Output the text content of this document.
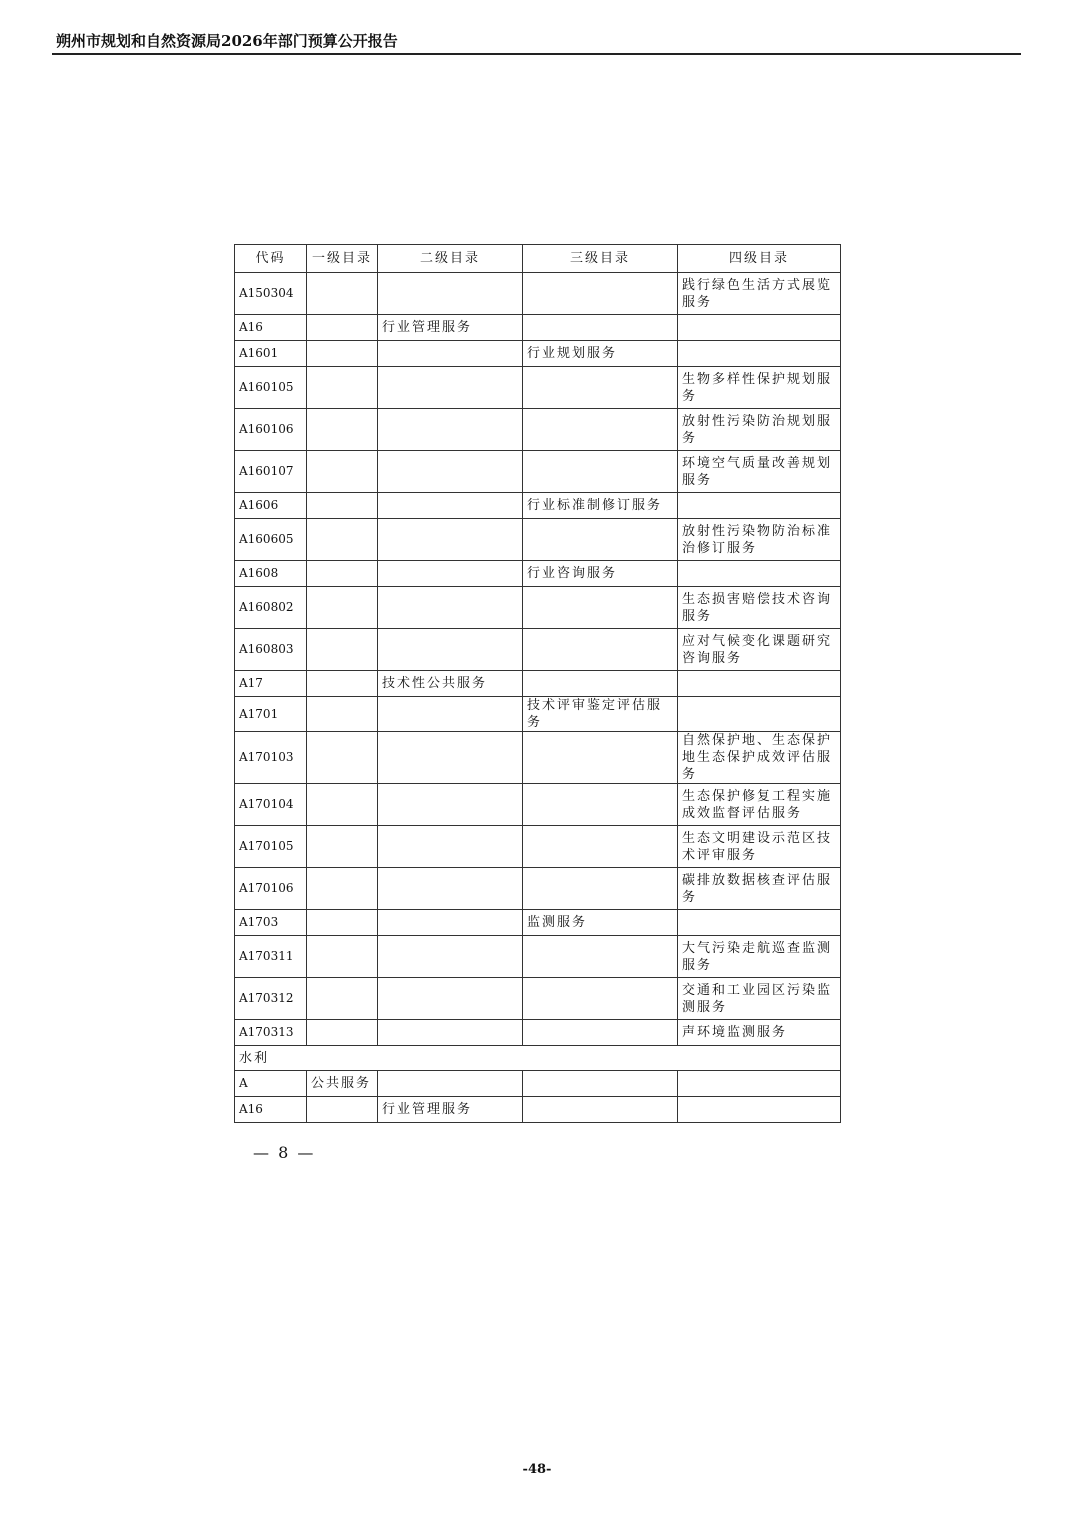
朔州市规划和自然资源局2026年部门预算公开报告
代码	一级目录	二级目录	三级目录	四级目录
A150304				践行绿色生活方式展览服务
A16		行业管理服务		
A1601			行业规划服务	
A160105				生物多样性保护规划服务
A160106				放射性污染防治规划服务
A160107				环境空气质量改善规划服务
A1606			行业标准制修订服务	
A160605				放射性污染物防治标准治修订服务
A1608			行业咨询服务	
A160802				生态损害赔偿技术咨询服务
A160803				应对气候变化课题研究咨询服务
A17		技术性公共服务		
A1701			技术评审鉴定评估服务	
A170103				自然保护地、生态保护地生态保护成效评估服务
A170104				生态保护修复工程实施成效监督评估服务
A170105				生态文明建设示范区技术评审服务
A170106				碳排放数据核查评估服务
A1703			监测服务	
A170311				大气污染走航巡查监测服务
A170312				交通和工业园区污染监测服务
A170313				声环境监测服务
水利				
A	公共服务			
A16		行业管理服务		
— 8 —
-48-
